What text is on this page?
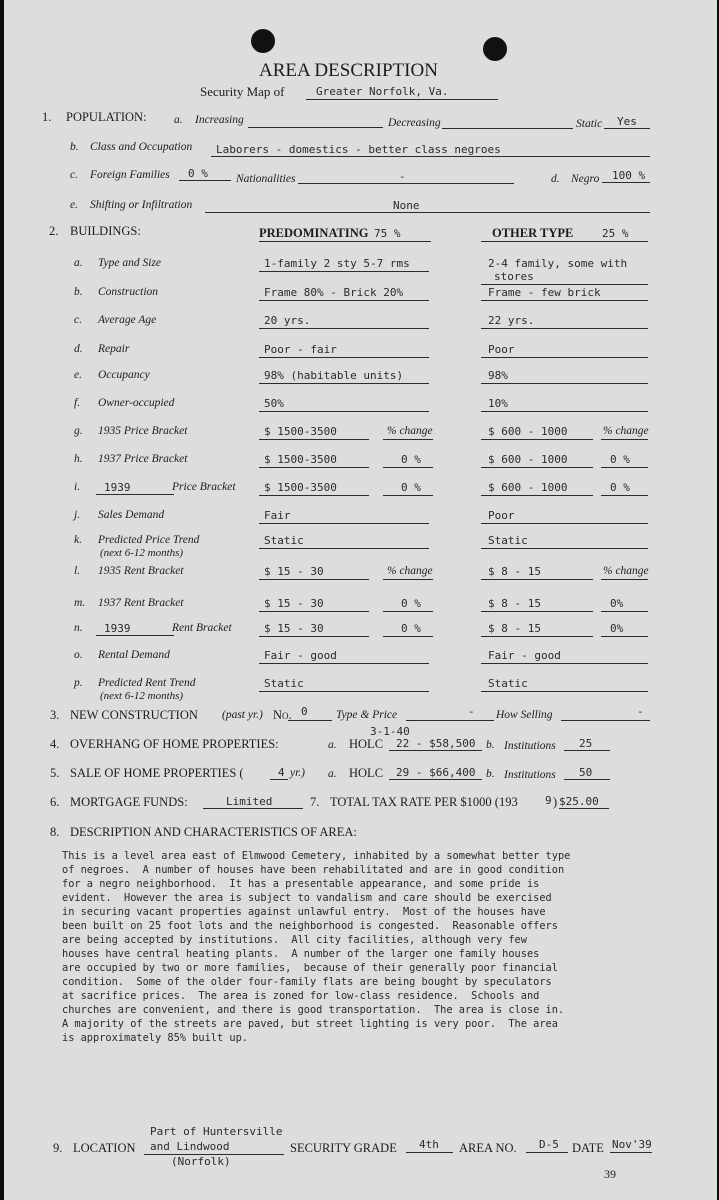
AREA DESCRIPTION
Security Map of	Greater Norfolk, Va.
1. POPULATION: a. Increasing	Decreasing	Static Yes
b. Class and Occupation Laborers - domestics - better class negroes
c. Foreign Families 0 % Nationalities	-	d. Negro 100 %
e. Shifting or Infiltration	None
2. BUILDINGS:	PREDOMINATING 75 %	OTHER TYPE	25 %
a. Type and Size	1-family 2 sty 5-7 rms	2-4 family, some with
stores
b. Construction	Frame 80% - Brick 20%	Frame - few brick
c. Average Age	20 yrs.	22 yrs.
d. Repair	Poor - fair	Poor
e. Occupancy	98% (habitable units)	98%
f. Owner-occupied	50%	10%
g. 1935 Price Bracket	$ 1500-3500	% change	$ 600 - 1000	% change
h. 1937 Price Bracket	$ 1500-3500	0 %	$ 600 - 1000	0 %
i. 1939	Price Bracket	$ 1500-3500	0 %	$ 600 - 1000	0 %
j. Sales Demand	Fair	Poor
k. Predicted Price Trend
(next 6-12 months)
Static	Static
l. 1935 Rent Bracket	$ 15 - 30	% change	$ 8 - 15	% change
m. 1937 Rent Bracket	$ 15 - 30	0 %	$ 8 - 15	0%
n. 1939	Rent Bracket	$ 15 - 30	0 %	$ 8 - 15	0%
o. Rental Demand	Fair - good	Fair - good
p. Predicted Rent Trend
(next 6-12 months)
Static	Static
3. NEW CONSTRUCTION (past yr.) No. 0 Type & Price	- How Selling	-
4. OVERHANG OF HOME PROPERTIES:	a. HOLC
3-1-40
22 - $58,500 b. Institutions 25
5. SALE OF HOME PROPERTIES (	4 yr.) a. HOLC 29 - $66,400 b. Institutions 50
6. MORTGAGE FUNDS:	Limited	7. TOTAL TAX RATE PER $1000 (193 9 ) $25.00
8. DESCRIPTION AND CHARACTERISTICS OF AREA:
This is a level area east of Elmwood Cemetery, inhabited by a somewhat better type
of negroes.  A number of houses have been rehabilitated and are in good condition
for a negro neighborhood.  It has a presentable appearance, and some pride is
evident.  However the area is subject to vandalism and care should be exercised
in securing vacant properties against unlawful entry.  Most of the houses have
been built on 25 foot lots and the neighborhood is congested.  Reasonable offers
are being accepted by institutions.  All city facilities, although very few
houses have central heating plants.  A number of the larger one family houses
are occupied by two or more families,  because of their generally poor financial
condition.  Some of the older four-family flats are being bought by speculators
at sacrifice prices.  The area is zoned for low-class residence.  Schools and
churches are convenient, and there is good transportation.  The area is close in.
A majority of the streets are paved, but street lighting is very poor.  The area
is approximately 85% built up.
Part of Huntersville
9. LOCATION and Lindwood
(Norfolk)
SECURITY GRADE 4th AREA NO. D-5 DATE Nov'39
39
